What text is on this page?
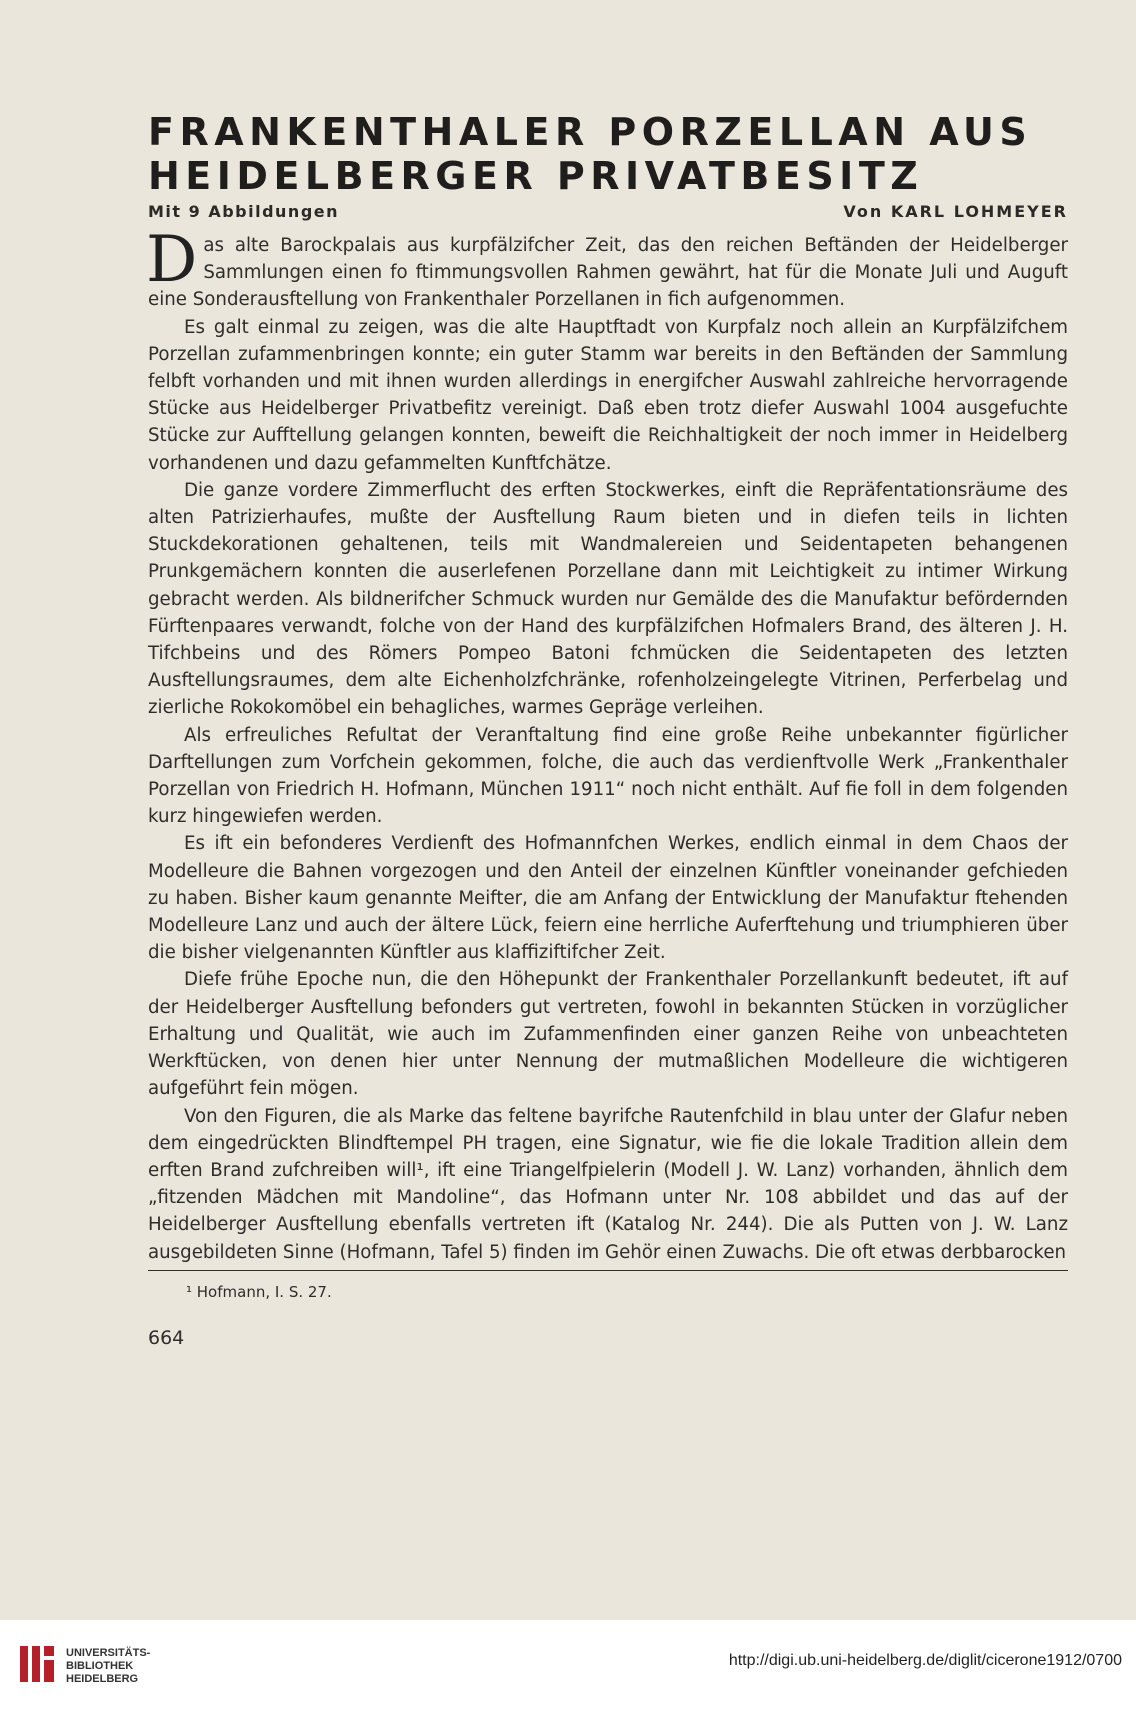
FRANKENTHALER PORZELLAN AUS
HEIDELBERGER PRIVATBESITZ
Mit 9 Abbildungen	Von KARL LOHMEYER

Das alte Barockpalais aus kurpfälzifcher Zeit, das den reichen Beftänden der Heidelberger Sammlungen einen fo ftimmungsvollen Rahmen gewährt, hat für die Monate Juli und Auguft eine Sonderausftellung von Frankenthaler Porzellanen in fich aufgenommen.

Es galt einmal zu zeigen, was die alte Hauptftadt von Kurpfalz noch allein an Kurpfälzifchem Porzellan zufammenbringen konnte; ein guter Stamm war bereits in den Beftänden der Sammlung felbft vorhanden und mit ihnen wurden allerdings in energifcher Auswahl zahlreiche hervorragende Stücke aus Heidelberger Privatbefitz vereinigt. Daß eben trotz diefer Auswahl 1004 ausgefuchte Stücke zur Aufftellung gelangen konnten, beweift die Reichhaltigkeit der noch immer in Heidelberg vorhandenen und dazu gefammelten Kunftfchätze.

Die ganze vordere Zimmerflucht des erften Stockwerkes, einft die Repräfentationsräume des alten Patrizierhaufes, mußte der Ausftellung Raum bieten und in diefen teils in lichten Stuckdekorationen gehaltenen, teils mit Wandmalereien und Seidentapeten behangenen Prunkgemächern konnten die auserlefenen Porzellane dann mit Leichtigkeit zu intimer Wirkung gebracht werden. Als bildnerifcher Schmuck wurden nur Gemälde des die Manufaktur befördernden Fürftenpaares verwandt, folche von der Hand des kurpfälzifchen Hofmalers Brand, des älteren J. H. Tifchbeins und des Römers Pompeo Batoni fchmücken die Seidentapeten des letzten Ausftellungsraumes, dem alte Eichenholzfchränke, rofenholzeingelegte Vitrinen, Perferbelag und zierliche Rokokomöbel ein behagliches, warmes Gepräge verleihen.

Als erfreuliches Refultat der Veranftaltung find eine große Reihe unbekannter figürlicher Darftellungen zum Vorfchein gekommen, folche, die auch das verdienftvolle Werk „Frankenthaler Porzellan von Friedrich H. Hofmann, München 1911“ noch nicht enthält. Auf fie foll in dem folgenden kurz hingewiefen werden.

Es ift ein befonderes Verdienft des Hofmannfchen Werkes, endlich einmal in dem Chaos der Modelleure die Bahnen vorgezogen und den Anteil der einzelnen Künftler voneinander gefchieden zu haben. Bisher kaum genannte Meifter, die am Anfang der Entwicklung der Manufaktur ftehenden Modelleure Lanz und auch der ältere Lück, feiern eine herrliche Auferftehung und triumphieren über die bisher vielgenannten Künftler aus klaffiziftifcher Zeit.

Diefe frühe Epoche nun, die den Höhepunkt der Frankenthaler Porzellankunft bedeutet, ift auf der Heidelberger Ausftellung befonders gut vertreten, fowohl in bekannten Stücken in vorzüglicher Erhaltung und Qualität, wie auch im Zufammenfinden einer ganzen Reihe von unbeachteten Werkftücken, von denen hier unter Nennung der mutmaßlichen Modelleure die wichtigeren aufgeführt fein mögen.

Von den Figuren, die als Marke das feltene bayrifche Rautenfchild in blau unter der Glafur neben dem eingedrückten Blindftempel PH tragen, eine Signatur, wie fie die lokale Tradition allein dem erften Brand zufchreiben will¹, ift eine Triangelfpielerin (Modell J. W. Lanz) vorhanden, ähnlich dem „fitzenden Mädchen mit Mandoline“, das Hofmann unter Nr. 108 abbildet und das auf der Heidelberger Ausftellung ebenfalls vertreten ift (Katalog Nr. 244). Die als Putten von J. W. Lanz ausgebildeten Sinne (Hofmann, Tafel 5) finden im Gehör einen Zuwachs. Die oft etwas derbbarocken

¹ Hofmann, I. S. 27.
664
UNIVERSITÄTS-
BIBLIOTHEK
HEIDELBERG
http://digi.ub.uni-heidelberg.de/diglit/cicerone1912/0700
